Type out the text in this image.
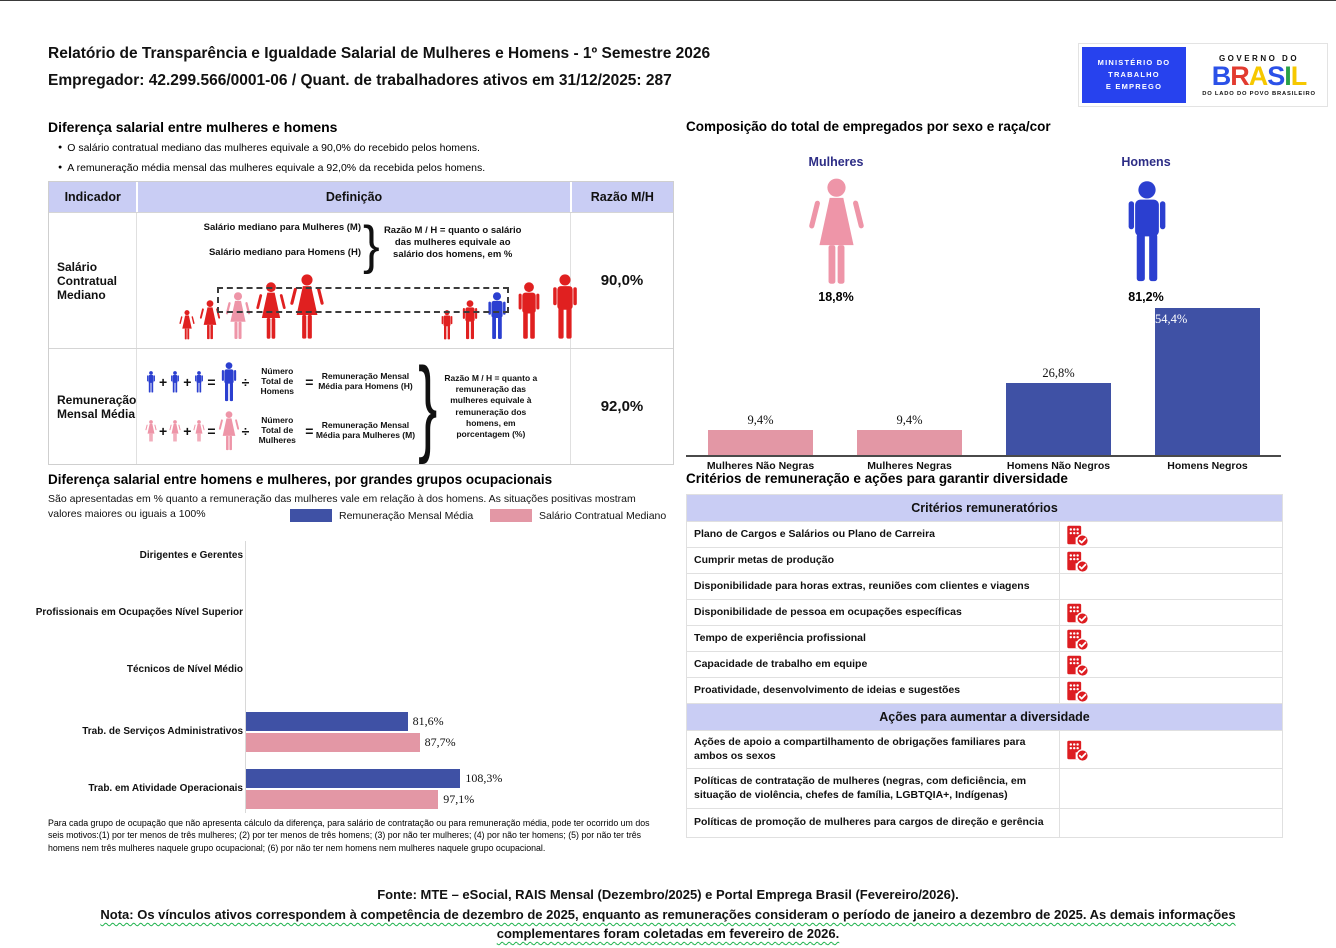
Relatório de Transparência e Igualdade Salarial de Mulheres e Homens - 1º Semestre 2026
Empregador: 42.299.566/0001-06 / Quant. de trabalhadores ativos em 31/12/2025: 287
MINISTÉRIO DO
TRABALHO
E EMPREGO
GOVERNO DO
BRASIL
DO LADO DO POVO BRASILEIRO
Diferença salarial entre mulheres e homens
● O salário contratual mediano das mulheres equivale a 90,0% do recebido pelos homens.
● A remuneração média mensal das mulheres equivale a 92,0% da recebida pelos homens.
Indicador	Definição	Razão M/H
Salário Contratual Mediano
Salário mediano para Mulheres (M)
Salário mediano para Homens (H) } Razão M / H = quanto o salário das mulheres equivale ao salário dos homens, em %
90,0%
Remuneração Mensal Média
+ + = ÷
Número Total de Homens
= Remuneração Mensal Média para Homens (H)
+ + = ÷
Número Total de Mulheres
= Remuneração Mensal Média para Mulheres (M) } Razão M / H = quanto a remuneração das mulheres equivale à remuneração dos homens, em porcentagem (%)
92,0%
Diferença salarial entre homens e mulheres, por grandes grupos ocupacionais
São apresentadas em % quanto a remuneração das mulheres vale em relação à dos homens. As situações positivas mostram valores maiores ou iguais a 100%	Remuneração Mensal Média	Salário Contratual Mediano
Dirigentes e Gerentes
Profissionais em Ocupações Nível Superior
Técnicos de Nível Médio
Trab. de Serviços Administrativos
Trab. em Atividade Operacionais
81,6%
87,7%
108,3%
97,1%
Para cada grupo de ocupação que não apresenta cálculo da diferença, para salário de contratação ou para remuneração média, pode ter ocorrido um dos seis motivos:(1) por ter menos de três mulheres; (2) por ter menos de três homens; (3) por não ter mulheres; (4) por não ter homens; (5) por não ter três homens nem três mulheres naquele grupo ocupacional; (6) por não ter nem homens nem mulheres naquele grupo ocupacional.
Composição do total de empregados por sexo e raça/cor
Mulheres	Homens
18,8%	81,2%
9,4%	9,4%
26,8%
54,4%
Mulheres Não Negras	Mulheres Negras	Homens Não Negros	Homens Negros
Critérios de remuneração e ações para garantir diversidade
Critérios remuneratórios
Plano de Cargos e Salários ou Plano de Carreira
Cumprir metas de produção
Disponibilidade para horas extras, reuniões com clientes e viagens
Disponibilidade de pessoa em ocupações específicas
Tempo de experiência profissional
Capacidade de trabalho em equipe
Proatividade, desenvolvimento de ideias e sugestões
Ações para aumentar a diversidade
Ações de apoio a compartilhamento de obrigações familiares para ambos os sexos
Políticas de contratação de mulheres (negras, com deficiência, em situação de violência, chefes de família, LGBTQIA+, Indígenas)
Políticas de promoção de mulheres para cargos de direção e gerência
Fonte: MTE – eSocial, RAIS Mensal (Dezembro/2025) e Portal Emprega Brasil (Fevereiro/2026).
Nota: Os vínculos ativos correspondem à competência de dezembro de 2025, enquanto as remunerações consideram o período de janeiro a dezembro de 2025. As demais informações complementares foram coletadas em fevereiro de 2026.
